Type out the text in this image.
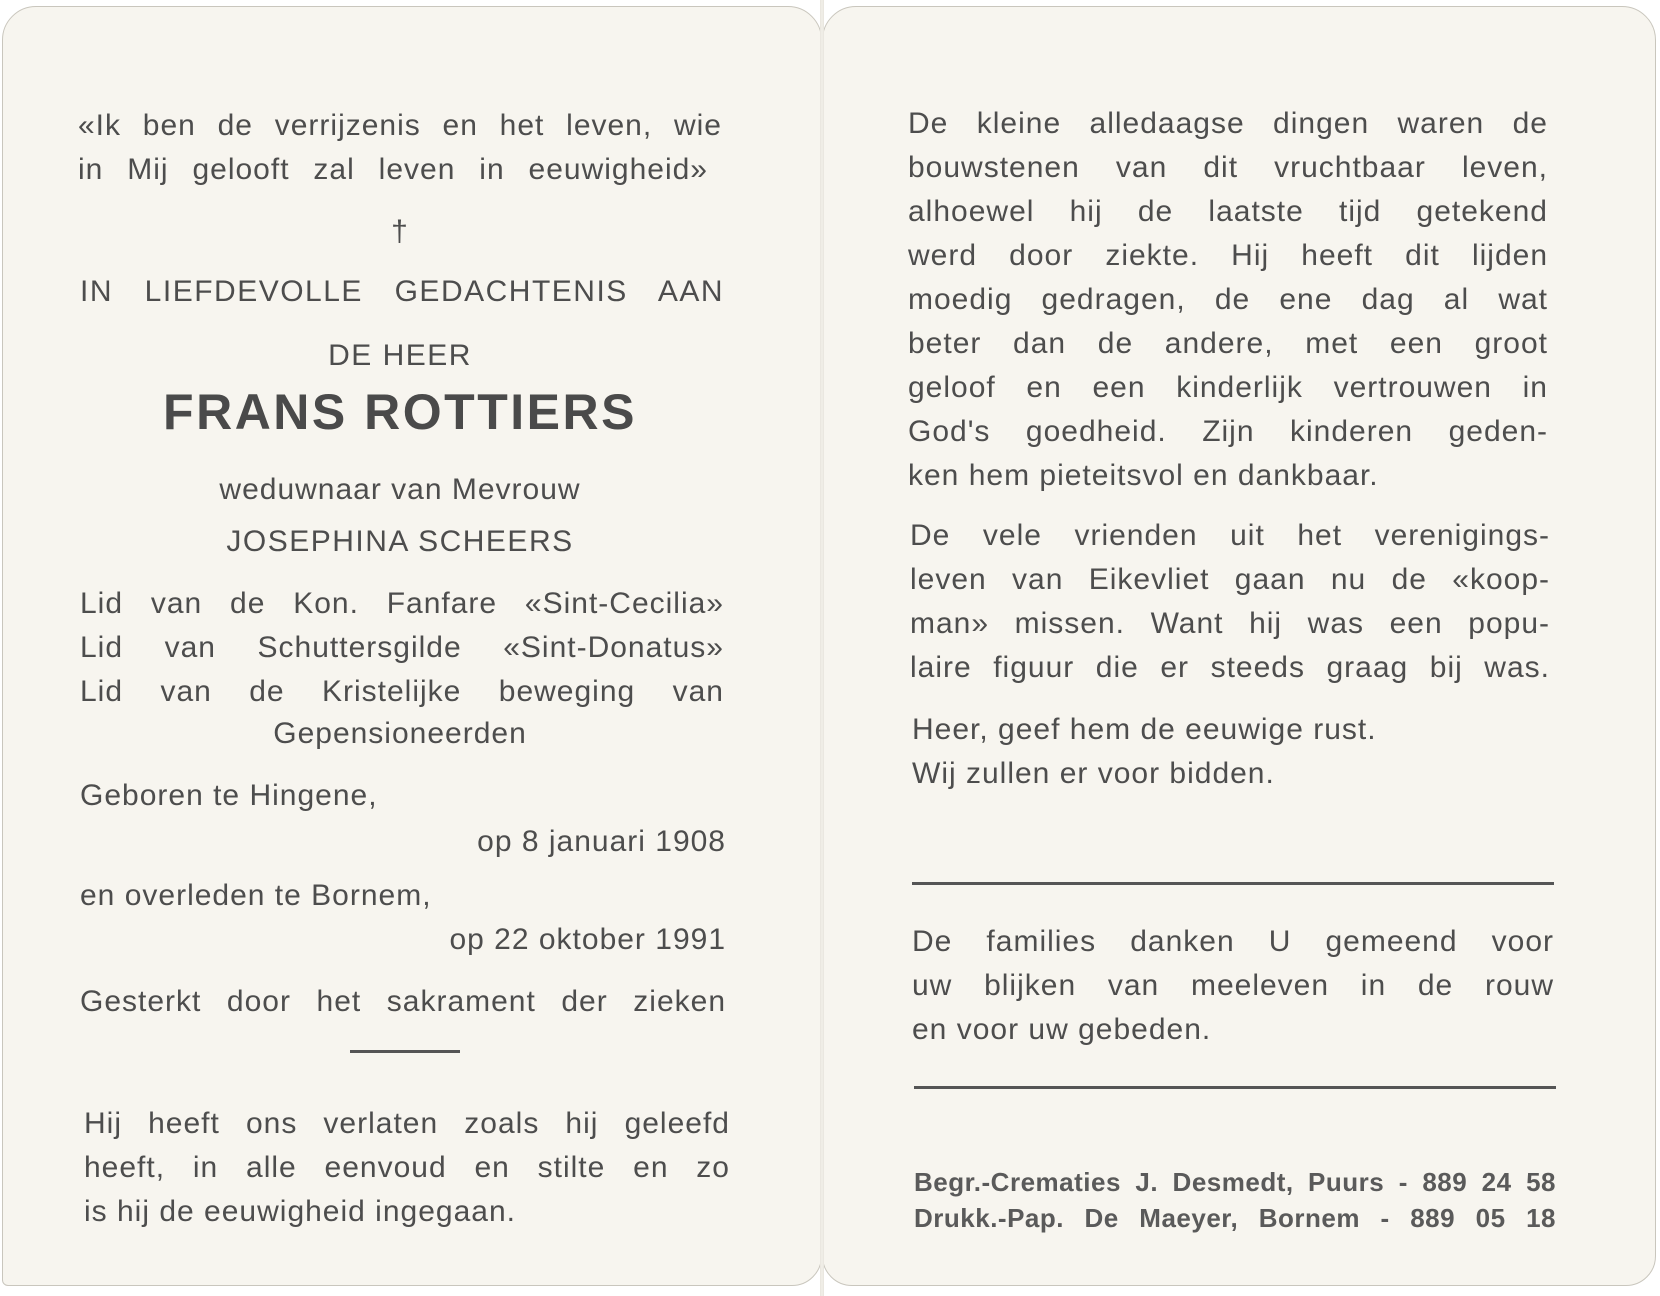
«Ik ben de verrijzenis en het leven, wie
in Mij gelooft zal leven in eeuwigheid»
†
IN LIEFDEVOLLE GEDACHTENIS AAN
DE HEER
FRANS ROTTIERS
weduwnaar van Mevrouw
JOSEPHINA SCHEERS
Lid van de Kon. Fanfare «Sint-Cecilia»
Lid van Schuttersgilde «Sint-Donatus»
Lid van de Kristelijke beweging van
Gepensioneerden
Geboren te Hingene,
op 8 januari 1908
en overleden te Bornem,
op 22 oktober 1991
Gesterkt door het sakrament der zieken
Hij heeft ons verlaten zoals hij geleefd
heeft, in alle eenvoud en stilte en zo
is hij de eeuwigheid ingegaan.
De kleine alledaagse dingen waren de
bouwstenen van dit vruchtbaar leven,
alhoewel hij de laatste tijd getekend
werd door ziekte. Hij heeft dit lijden
moedig gedragen, de ene dag al wat
beter dan de andere, met een groot
geloof en een kinderlijk vertrouwen in
God's goedheid. Zijn kinderen geden-
ken hem pieteitsvol en dankbaar.
De vele vrienden uit het verenigings-
leven van Eikevliet gaan nu de «koop-
man» missen. Want hij was een popu-
laire figuur die er steeds graag bij was.
Heer, geef hem de eeuwige rust.
Wij zullen er voor bidden.
De families danken U gemeend voor
uw blijken van meeleven in de rouw
en voor uw gebeden.
Begr.-Crematies J. Desmedt, Puurs - 889 24 58
Drukk.-Pap. De Maeyer, Bornem - 889 05 18
